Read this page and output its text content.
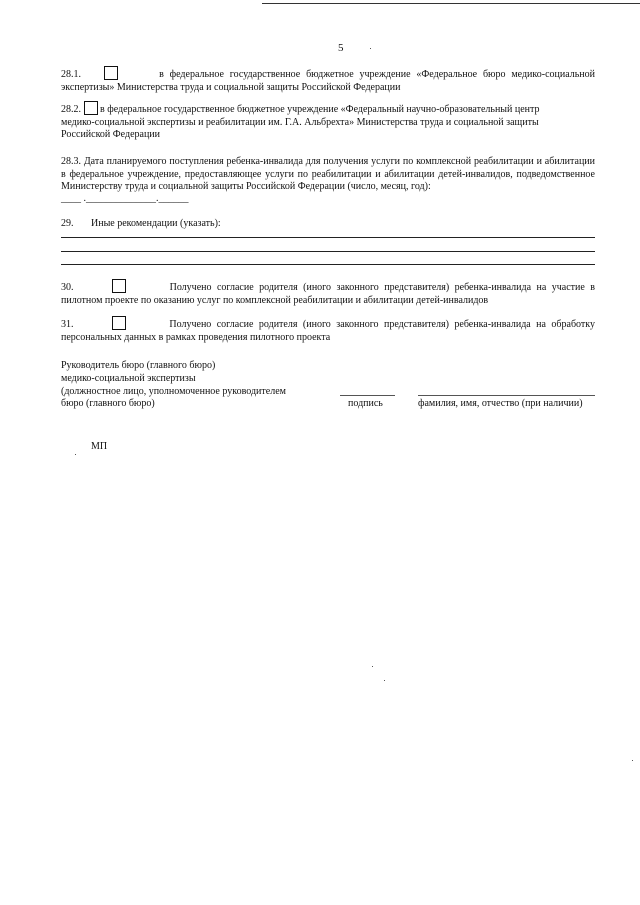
5
28.1.	в федеральное государственное бюджетное учреждение «Федеральное бюро медико-социальной
экспертизы» Министерства труда и социальной защиты Российской Федерации
28.2. в федеральное государственное бюджетное учреждение «Федеральный научно-образовательный центр
медико-социальной экспертизы и реабилитации им. Г.А. Альбрехта» Министерства труда и социальной защиты
Российской Федерации
28.3. Дата планируемого поступления ребенка-инвалида для получения услуги по комплексной реабилитации и абилитации в федеральное учреждение, предоставляющее услуги по реабилитации и абилитации детей-инвалидов, подведомственное Министерству труда и социальной защиты Российской Федерации (число, месяц, год):
____ .______________.______
29. Иные рекомендации (указать):
30.	Получено согласие родителя (иного законного представителя) ребенка-инвалида на участие в
пилотном проекте по оказанию услуг по комплексной реабилитации и абилитации детей-инвалидов
31.	Получено согласие родителя (иного законного представителя) ребенка-инвалида на обработку
персональных данных в рамках проведения пилотного проекта
Руководитель бюро (главного бюро)
медико-социальной экспертизы
(должностное лицо, уполномоченное руководителем
бюро (главного бюро)	подпись	фамилия, имя, отчество (при наличии)
МП
